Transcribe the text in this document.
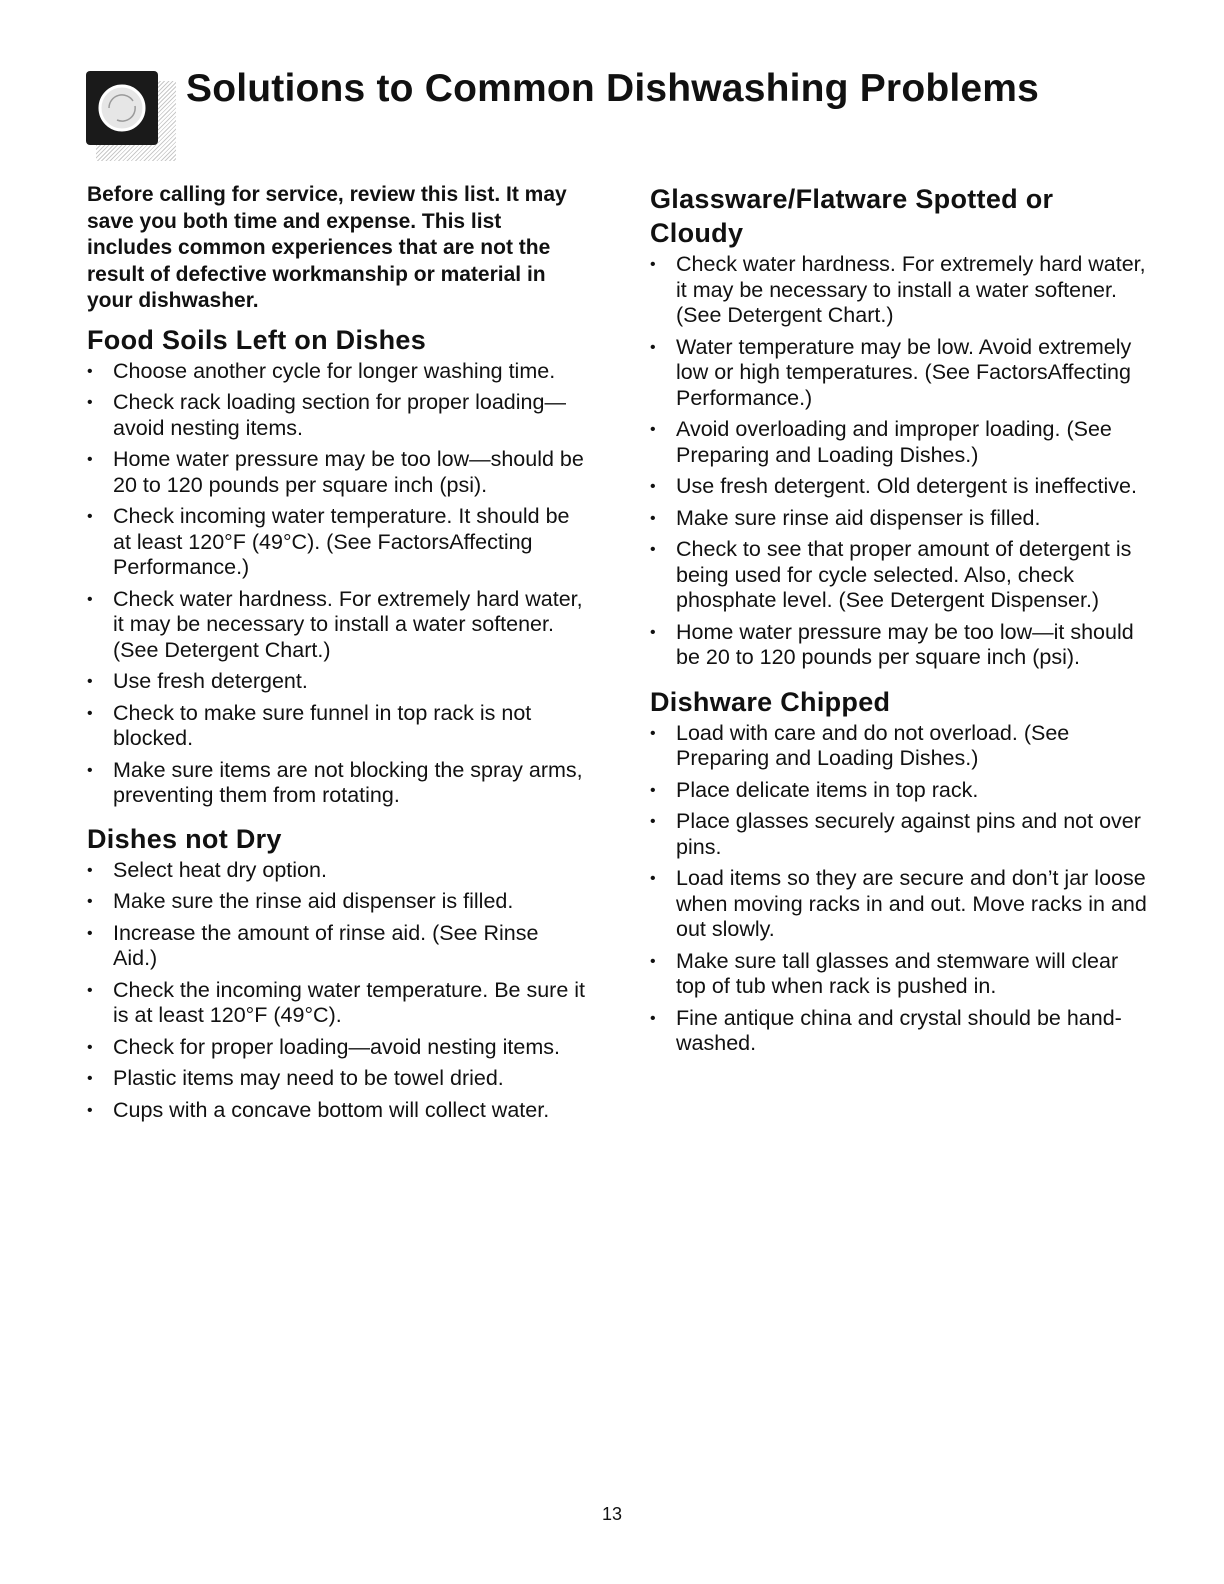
Solutions to Common Dishwashing Problems

Before calling for service, review this list. It may save you both time and expense. This list includes common experiences that are not the result of defective workmanship or material in your dishwasher.

Food Soils Left on Dishes
• Choose another cycle for longer washing time.
• Check rack loading section for proper loading—avoid nesting items.
• Home water pressure may be too low—should be 20 to 120 pounds per square inch (psi).
• Check incoming water temperature. It should be at least 120°F (49°C). (See FactorsAffecting Performance.)
• Check water hardness. For extremely hard water, it may be necessary to install a water softener. (See Detergent Chart.)
• Use fresh detergent.
• Check to make sure funnel in top rack is not blocked.
• Make sure items are not blocking the spray arms, preventing them from rotating.
Dishes not Dry
• Select heat dry option.
• Make sure the rinse aid dispenser is filled.
• Increase the amount of rinse aid. (See Rinse Aid.)
• Check the incoming water temperature. Be sure it is at least 120°F (49°C).
• Check for proper loading—avoid nesting items.
• Plastic items may need to be towel dried.
• Cups with a concave bottom will collect water.
Glassware/Flatware Spotted or Cloudy
• Check water hardness. For extremely hard water, it may be necessary to install a water softener. (See Detergent Chart.)
• Water temperature may be low. Avoid extremely low or high temperatures. (See FactorsAffecting Performance.)
• Avoid overloading and improper loading. (See Preparing and Loading Dishes.)
• Use fresh detergent. Old detergent is ineffective.
• Make sure rinse aid dispenser is filled.
• Check to see that proper amount of detergent is being used for cycle selected. Also, check phosphate level. (See Detergent Dispenser.)
• Home water pressure may be too low—it should be 20 to 120 pounds per square inch (psi).
Dishware Chipped
• Load with care and do not overload. (See Preparing and Loading Dishes.)
• Place delicate items in top rack.
• Place glasses securely against pins and not over pins.
• Load items so they are secure and don’t jar loose when moving racks in and out. Move racks in and out slowly.
• Make sure tall glasses and stemware will clear top of tub when rack is pushed in.
• Fine antique china and crystal should be hand-washed.
13
